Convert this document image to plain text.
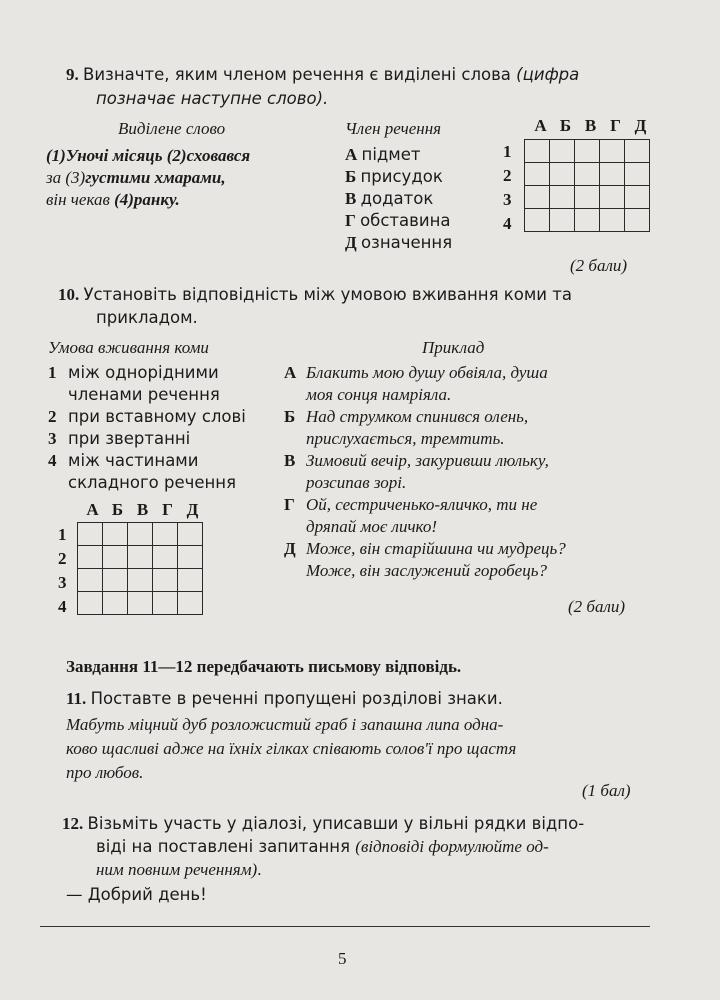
9. Визначте, яким членом речення є виділені слова (цифра
позначає наступне слово).
Виділене слово	Член речення
(1)Уночі місяць (2)сховався
за (3)густими хмарами,
він чекав (4)ранку.
А підмет
Б присудок
В додаток
Г обставина
Д означення
А Б В Г Д
1
2
3
4

(2 бали)
10. Установіть відповідність між умовою вживання коми та
прикладом.
Умова вживання коми	Приклад
1 між однорідними
членами речення
2 при вставному слові
3 при звертанні
4 між частинами
складного речення
А Блакить мою душу обвіяла, душа
моя сонця намріяла.
Б Над струмком спинився олень,
прислухається, тремтить.
В Зимовий вечір, закуривши люльку,
розсипав зорі.
Г Ой, сестриченько-яличко, ти не
дряпай моє личко!
Д Може, він старійшина чи мудрець?
Може, він заслужений горобець?
А Б В Г Д
1
2
3
4

					(2 бали)
Завдання 11—12 передбачають письмову відповідь.
11. Поставте в реченні пропущені розділові знаки.
Мабуть міцний дуб розложистий граб і запашна липа одна-
ково щасливі адже на їхніх гілках співають солов'ї про щастя
про любов.
(1 бал)
12. Візьміть участь у діалозі, уписавши у вільні рядки відпо-
віді на поставлені запитання (відповіді формулюйте од-
ним повним реченням).
— Добрий день!
5
